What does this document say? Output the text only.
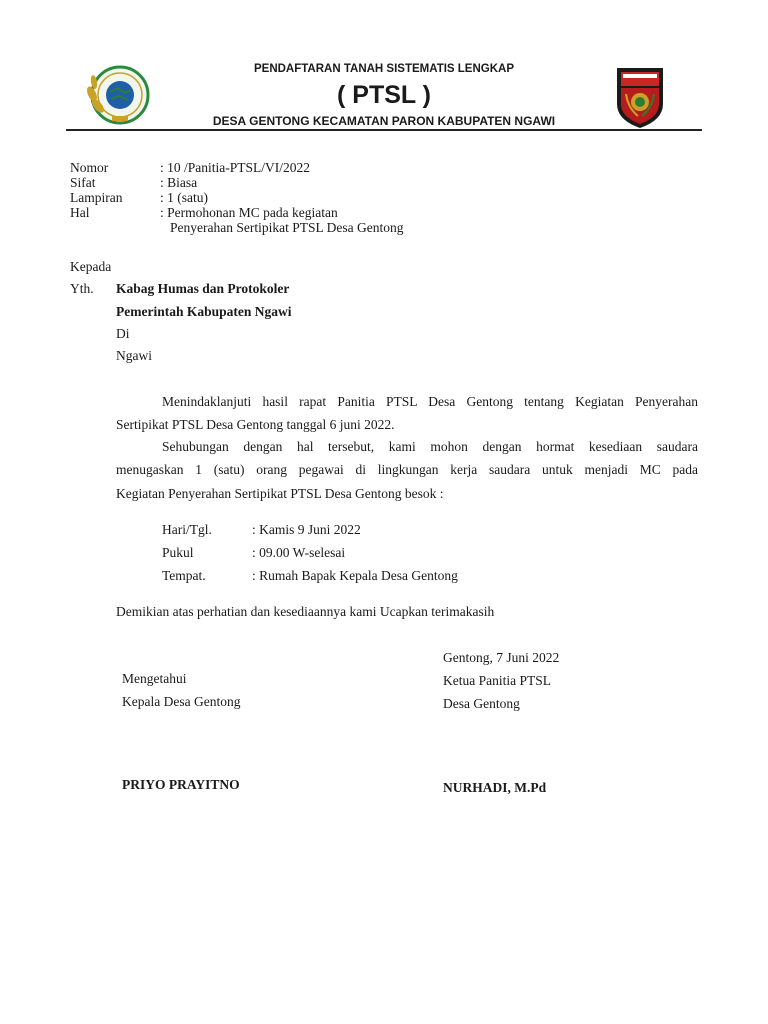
PENDAFTARAN TANAH SISTEMATIS LENGKAP
( PTSL )
DESA GENTONG KECAMATAN PARON KABUPATEN NGAWI
Nomor	: 10 /Panitia-PTSL/VI/2022
Sifat	: Biasa
Lampiran	: 1 (satu)
Hal	: Permohonan MC pada kegiatan
Penyerahan Sertipikat PTSL Desa Gentong
Kepada
Yth. Kabag Humas dan Protokoler
Pemerintah Kabupaten Ngawi
Di
Ngawi
Menindaklanjuti hasil rapat Panitia PTSL Desa Gentong tentang Kegiatan Penyerahan
Sertipikat PTSL Desa Gentong tanggal 6 juni 2022.
Sehubungan dengan hal tersebut, kami mohon dengan hormat kesediaan saudara
menugaskan 1 (satu) orang pegawai di lingkungan kerja saudara untuk menjadi MC pada
Kegiatan Penyerahan Sertipikat PTSL Desa Gentong besok :
Hari/Tgl.	: Kamis 9 Juni 2022
Pukul	: 09.00 W-selesai
Tempat.	: Rumah Bapak Kepala Desa Gentong
Demikian atas perhatian dan kesediaannya kami Ucapkan terimakasih
Gentong, 7 Juni 2022
Mengetahui	Ketua Panitia PTSL
Kepala Desa Gentong	Desa Gentong
PRIYO PRAYITNO	NURHADI, M.Pd
